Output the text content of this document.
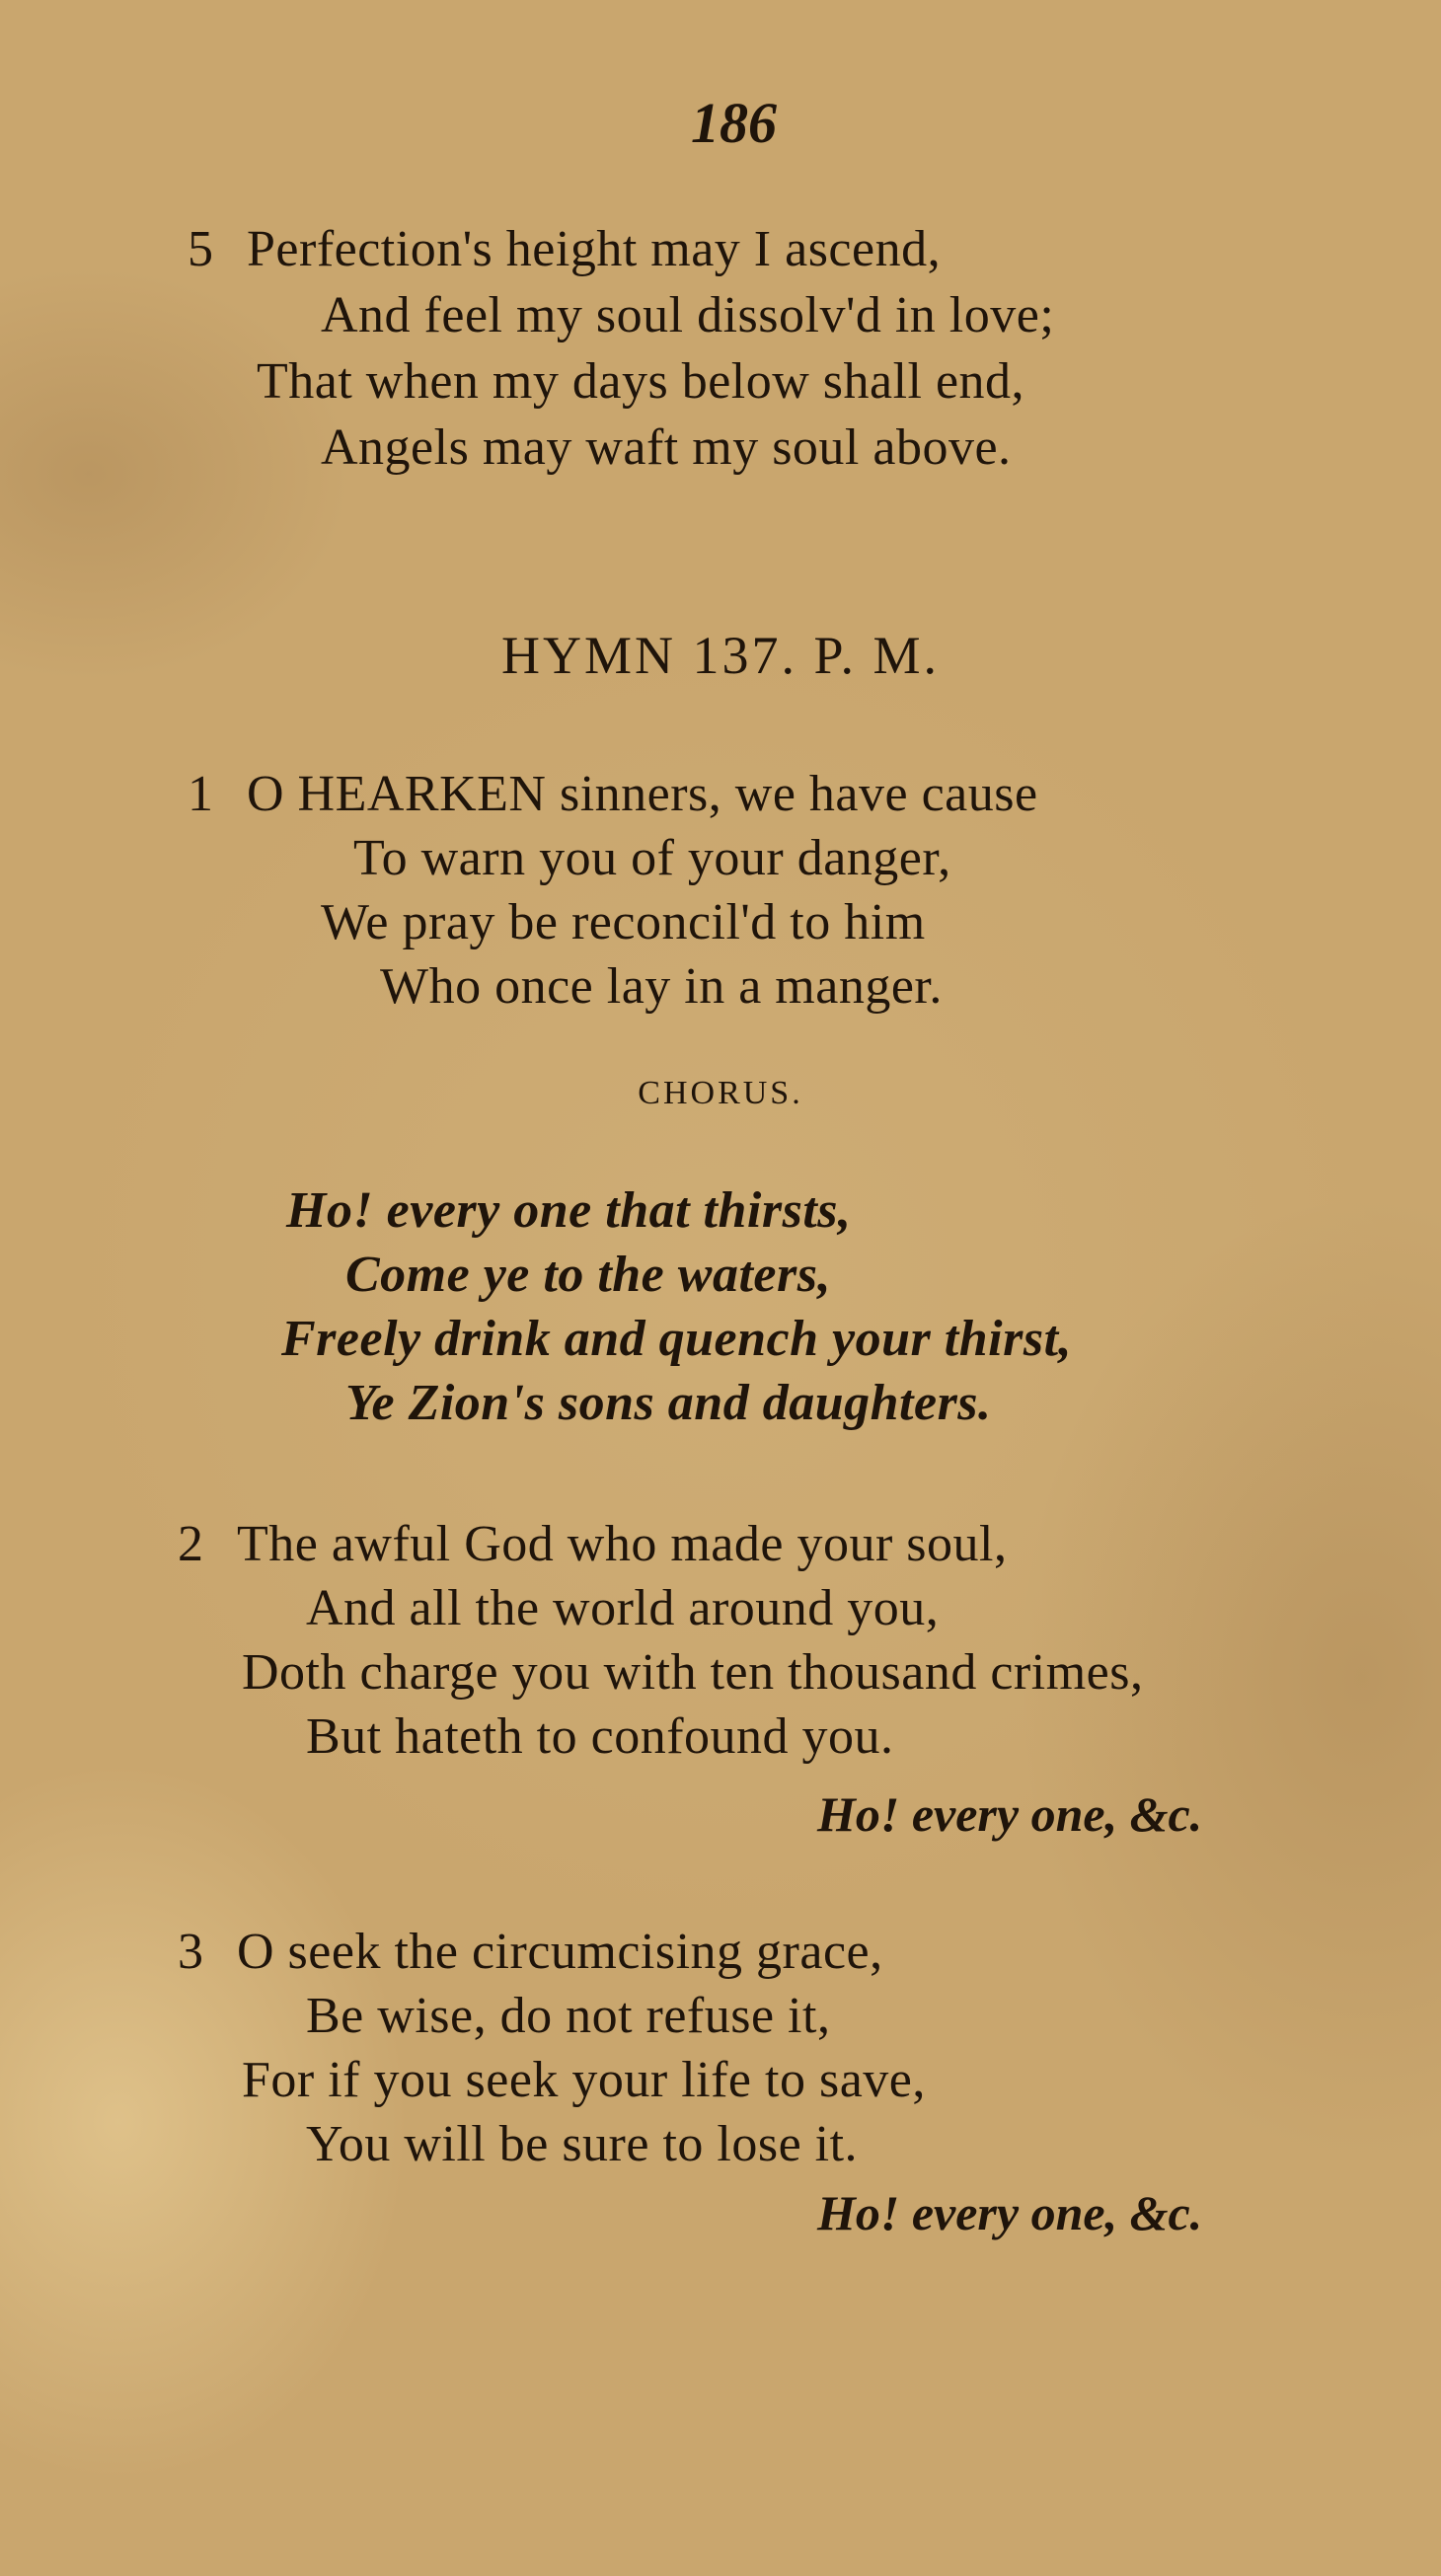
186
5 Perfection's height may I ascend,
And feel my soul dissolv'd in love;
That when my days below shall end,
Angels may waft my soul above.
HYMN 137. P. M.
1 O HEARKEN sinners, we have cause
To warn you of your danger,
We pray be reconcil'd to him
Who once lay in a manger.
CHORUS.
Ho! every one that thirsts,
Come ye to the waters,
Freely drink and quench your thirst,
Ye Zion's sons and daughters.
2 The awful God who made your soul,
And all the world around you,
Doth charge you with ten thousand crimes,
But hateth to confound you.
Ho! every one, &c.
3 O seek the circumcising grace,
Be wise, do not refuse it,
For if you seek your life to save,
You will be sure to lose it.
Ho! every one, &c.
